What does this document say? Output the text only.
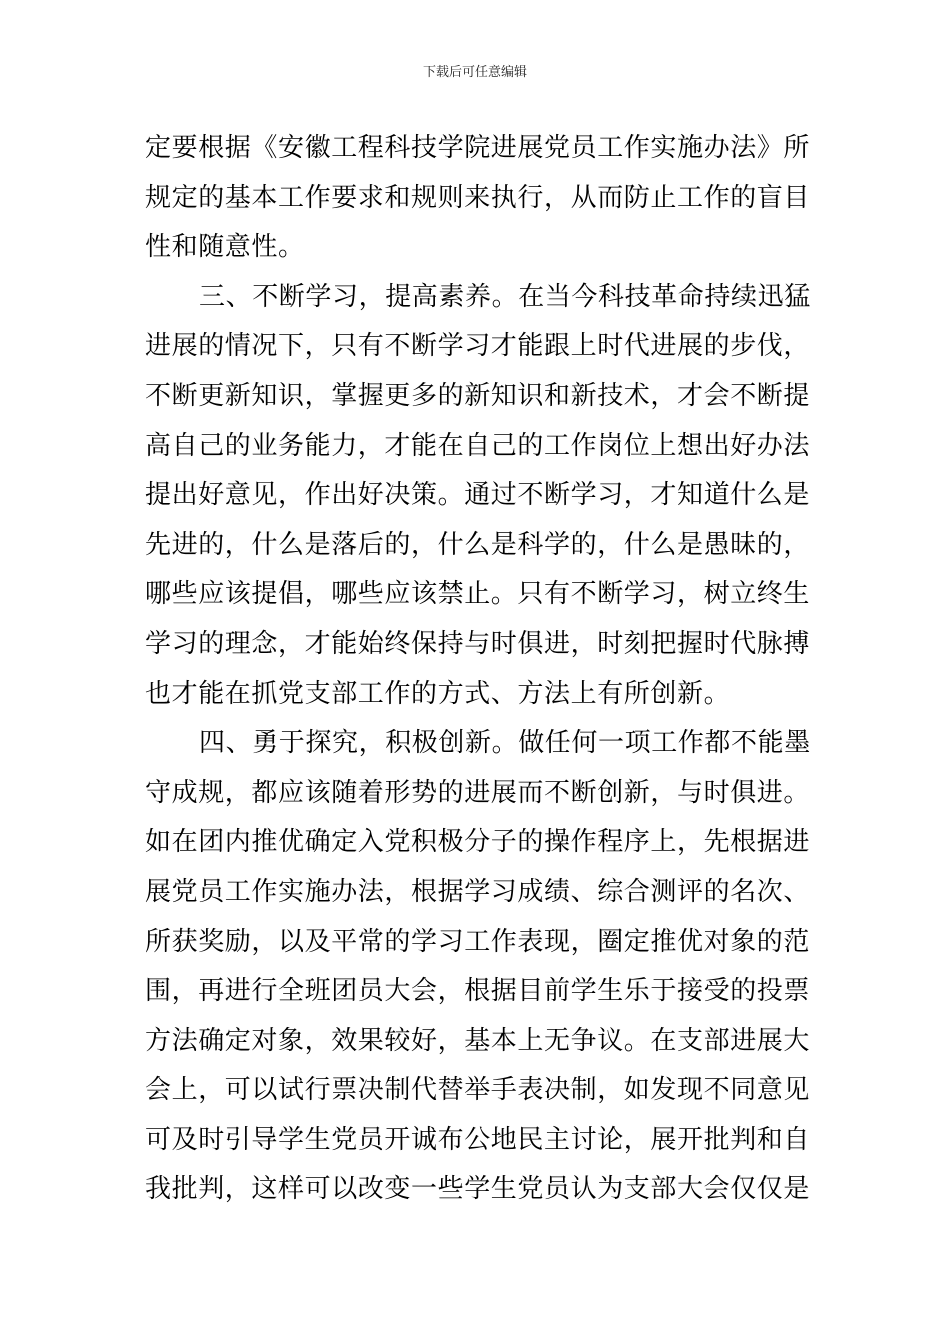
下载后可任意编辑
定要根据《安徽工程科技学院进展党员工作实施办法》所
规定的基本工作要求和规则来执行，从而防止工作的盲目
性和随意性。
三、不断学习，提高素养。在当今科技革命持续迅猛
进展的情况下，只有不断学习才能跟上时代进展的步伐，
不断更新知识，掌握更多的新知识和新技术，才会不断提
高自己的业务能力，才能在自己的工作岗位上想出好办法
提出好意见，作出好决策。通过不断学习，才知道什么是
先进的，什么是落后的，什么是科学的，什么是愚昧的，
哪些应该提倡，哪些应该禁止。只有不断学习，树立终生
学习的理念，才能始终保持与时俱进，时刻把握时代脉搏
也才能在抓党支部工作的方式、方法上有所创新。
四、勇于探究，积极创新。做任何一项工作都不能墨
守成规，都应该随着形势的进展而不断创新，与时俱进。
如在团内推优确定入党积极分子的操作程序上，先根据进
展党员工作实施办法，根据学习成绩、综合测评的名次、
所获奖励，以及平常的学习工作表现，圈定推优对象的范
围，再进行全班团员大会，根据目前学生乐于接受的投票
方法确定对象，效果较好，基本上无争议。在支部进展大
会上，可以试行票决制代替举手表决制，如发现不同意见
可及时引导学生党员开诚布公地民主讨论，展开批判和自
我批判，这样可以改变一些学生党员认为支部大会仅仅是
